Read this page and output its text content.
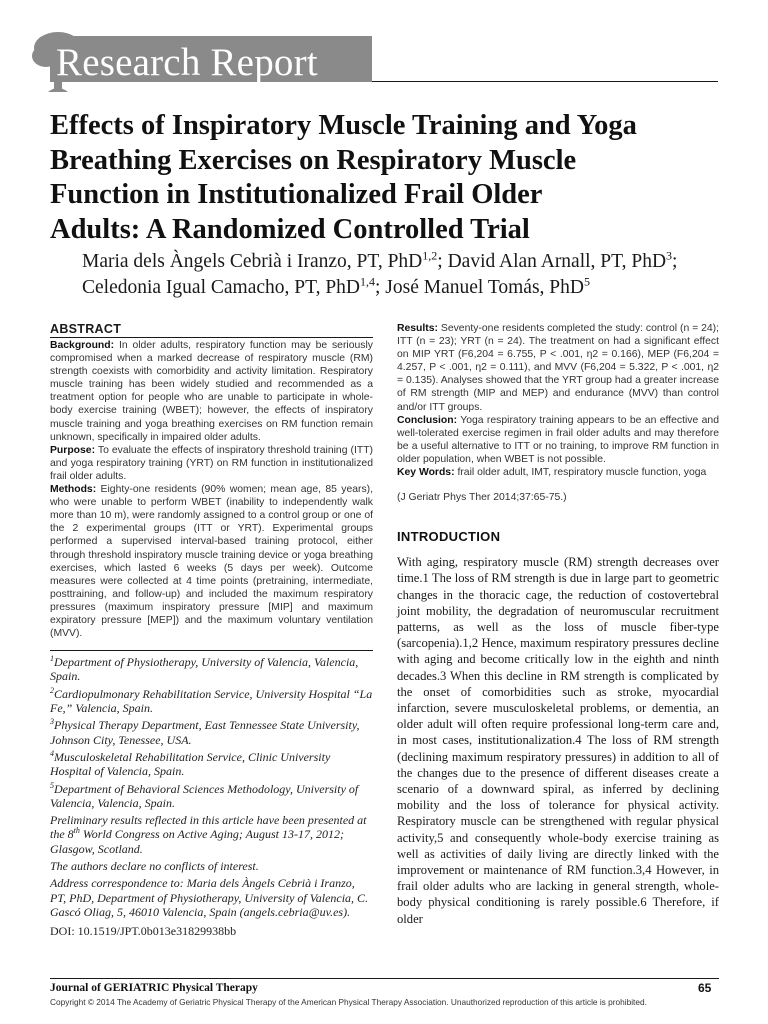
Research Report
Effects of Inspiratory Muscle Training and Yoga
Breathing Exercises on Respiratory Muscle
Function in Institutionalized Frail Older
Adults: A Randomized Controlled Trial
Maria dels Àngels Cebrià i Iranzo, PT, PhD$^{1,2}$; David Alan Arnall, PT, PhD$^3$;
Celedonia Igual Camacho, PT, PhD$^{1,4}$; José Manuel Tomás, PhD$^5$
ABSTRACT

Background: In older adults, respiratory function may be seriously compromised when a marked decrease of respiratory muscle (RM) strength coexists with comorbidity and activity limitation. Respiratory muscle training has been widely studied and recommended as a treatment option for people who are unable to participate in whole-body exercise training (WBET); however, the effects of inspiratory muscle training and yoga breathing exercises on RM function remain unknown, specifically in impaired older adults.

Purpose: To evaluate the effects of inspiratory threshold training (ITT) and yoga respiratory training (YRT) on RM function in institutionalized frail older adults.

Methods: Eighty-one residents (90% women; mean age, 85 years), who were unable to perform WBET (inability to independently walk more than 10 m), were randomly assigned to a control group or one of the 2 experimental groups (ITT or YRT). Experimental groups performed a supervised interval-based training protocol, either through threshold inspiratory muscle training device or yoga breathing exercises, which lasted 6 weeks (5 days per week). Outcome measures were collected at 4 time points (pretraining, intermediate, posttraining, and follow-up) and included the maximum respiratory pressures (maximum inspiratory pressure [MIP] and maximum expiratory pressure [MEP]) and the maximum voluntary ventilation (MVV).

$^1$Department of Physiotherapy, University of Valencia, Valencia, Spain.

$^2$Cardiopulmonary Rehabilitation Service, University Hospital “La Fe,” Valencia, Spain.

$^3$Physical Therapy Department, East Tennessee State University, Johnson City, Tenessee, USA.

$^4$Musculoskeletal Rehabilitation Service, Clinic University Hospital of Valencia, Spain.

$^5$Department of Behavioral Sciences Methodology, University of Valencia, Valencia, Spain.

Preliminary results reflected in this article have been presented at the 8th World Congress on Active Aging; August 13-17, 2012; Glasgow, Scotland.

The authors declare no conflicts of interest.

Address correspondence to: Maria dels Àngels Cebrià i Iranzo, PT, PhD, Department of Physiotherapy, University of Valencia, C. Gascó Oliag, 5, 46010 Valencia, Spain (angels.cebria@uv.es).

DOI: 10.1519/JPT.0b013e31829938bb

Results: Seventy-one residents completed the study: control (n = 24); ITT (n = 23); YRT (n = 24). The treatment on had a significant effect on MIP YRT (F6,204 = 6.755, P < .001, η2 = 0.166), MEP (F6,204 = 4.257, P < .001, η2 = 0.111), and MVV (F6,204 = 5.322, P < .001, η2 = 0.135). Analyses showed that the YRT group had a greater increase of RM strength (MIP and MEP) and endurance (MVV) than control and/or ITT groups.

Conclusion: Yoga respiratory training appears to be an effective and well-tolerated exercise regimen in frail older adults and may therefore be a useful alternative to ITT or no training, to improve RM function in older population, when WBET is not possible.

Key Words: frail older adult, IMT, respiratory muscle function, yoga

(J Geriatr Phys Ther 2014;37:65-75.)

INTRODUCTION

With aging, respiratory muscle (RM) strength decreases over time.1 The loss of RM strength is due in large part to geometric changes in the thoracic cage, the reduction of costovertebral joint mobility, the degradation of neuromuscular recruitment patterns, as well as the loss of muscle fiber-type (sarcopenia).1,2 Hence, maximum respiratory pressures decline with aging and become critically low in the eighth and ninth decades.3 When this decline in RM strength is complicated by the onset of comorbidities such as stroke, myocardial infarction, severe musculoskeletal problems, or dementia, an older adult will often require professional long-term care and, in most cases, institutionalization.4 The loss of RM strength (declining maximum respiratory pressures) in addition to all of the changes due to the presence of different diseases create a scenario of a downward spiral, as inferred by declining mobility and the loss of tolerance for physical activity. Respiratory muscle can be strengthened with regular physical activity,5 and consequently whole-body exercise training as well as activities of daily living are directly linked with the improvement or maintenance of RM function.3,4 However, in frail older adults who are lacking in general strength, whole-body physical conditioning is rarely possible.6 Therefore, if older

Journal of GERIATRIC Physical Therapy	65
Copyright © 2014 The Academy of Geriatric Physical Therapy of the American Physical Therapy Association. Unauthorized reproduction of this article is prohibited.
